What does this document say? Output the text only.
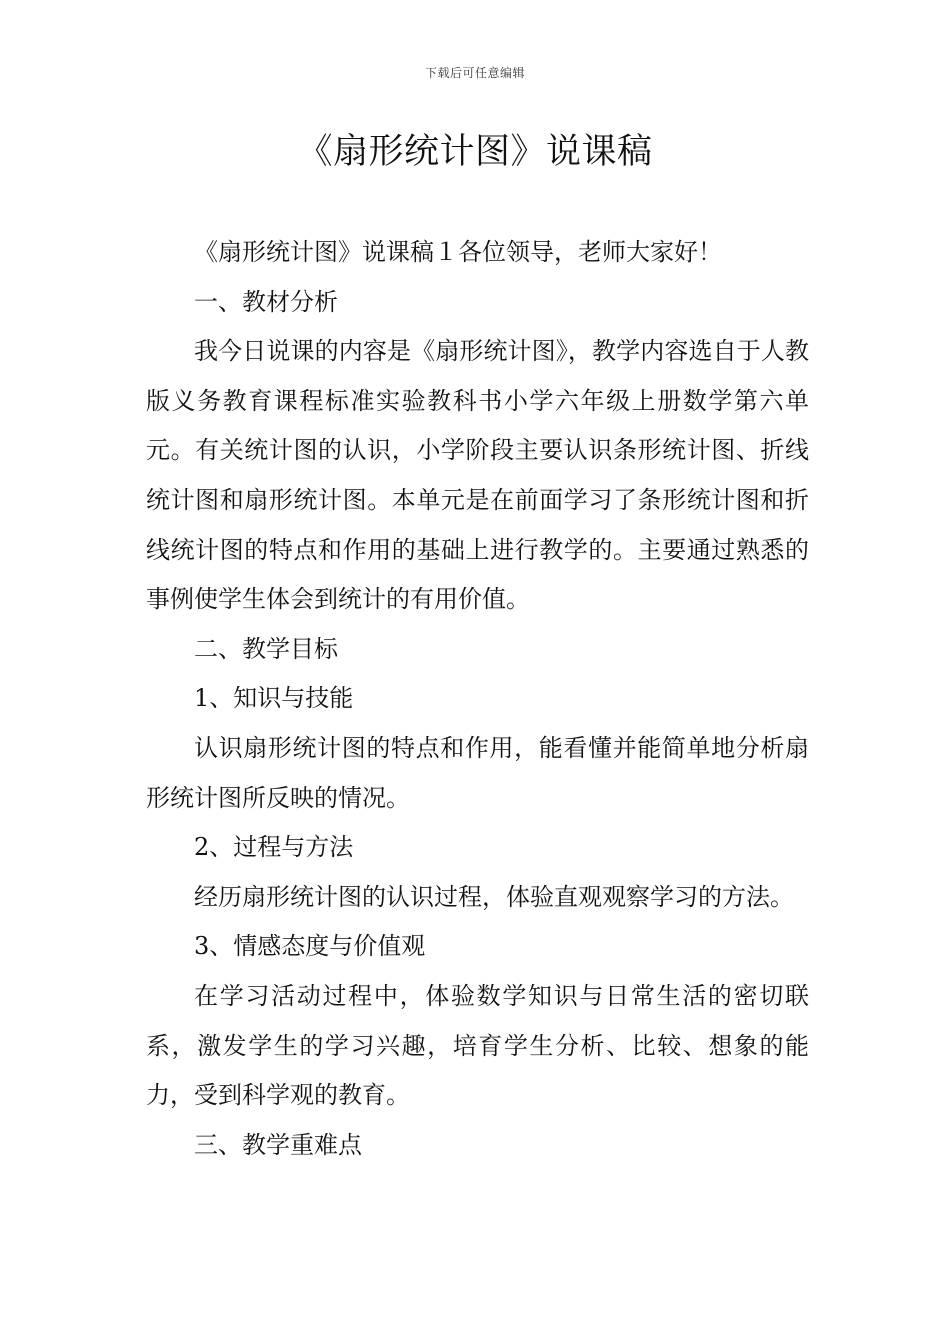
下载后可任意编辑
《扇形统计图》说课稿

《扇形统计图》说课稿１各位领导，老师大家好！

一、教材分析

我今日说课的内容是《扇形统计图》，教学内容选自于人教版义务教育课程标准实验教科书小学六年级上册数学第六单元。有关统计图的认识，小学阶段主要认识条形统计图、折线统计图和扇形统计图。本单元是在前面学习了条形统计图和折线统计图的特点和作用的基础上进行教学的。主要通过熟悉的事例使学生体会到统计的有用价值。

二、教学目标

1、知识与技能

认识扇形统计图的特点和作用，能看懂并能简单地分析扇形统计图所反映的情况。

2、过程与方法

经历扇形统计图的认识过程，体验直观观察学习的方法。

3、情感态度与价值观

在学习活动过程中，体验数学知识与日常生活的密切联系，激发学生的学习兴趣，培育学生分析、比较、想象的能力，受到科学观的教育。

三、教学重难点
